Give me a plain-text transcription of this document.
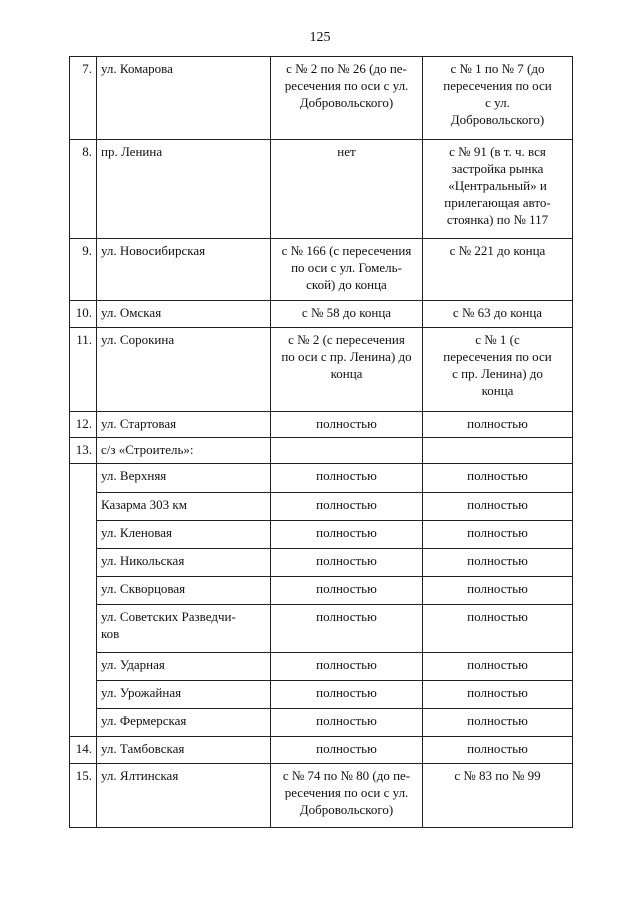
125
7.	ул. Комарова	с № 2 по № 26 (до пе-
ресечения по оси с ул.
Добровольского)	с № 1 по № 7 (до
пересечения по оси
с ул.
Добровольского)
8.	пр. Ленина	нет	с № 91 (в т. ч. вся
застройка рынка
«Центральный» и
прилегающая авто-
стоянка) по № 117
9.	ул. Новосибирская	с № 166 (с пересечения
по оси с ул. Гомель-
ской) до конца	с № 221 до конца
10.	ул. Омская	с № 58 до конца	с № 63 до конца
11.	ул. Сорокина	с № 2 (с пересечения
по оси с пр. Ленина) до
конца	с № 1 (с
пересечения по оси
с пр. Ленина) до
конца
12.	ул. Стартовая	полностью	полностью
13.	с/з «Строитель»:		
	ул. Верхняя	полностью	полностью
	Казарма 303 км	полностью	полностью
	ул. Кленовая	полностью	полностью
	ул. Никольская	полностью	полностью
	ул. Скворцовая	полностью	полностью
	ул. Советских Разведчи-
ков	полностью	полностью
	ул. Ударная	полностью	полностью
	ул. Урожайная	полностью	полностью
	ул. Фермерская	полностью	полностью
14.	ул. Тамбовская	полностью	полностью
15.	ул. Ялтинская	с № 74 по № 80 (до пе-
ресечения по оси с ул.
Добровольского)	с № 83 по № 99
